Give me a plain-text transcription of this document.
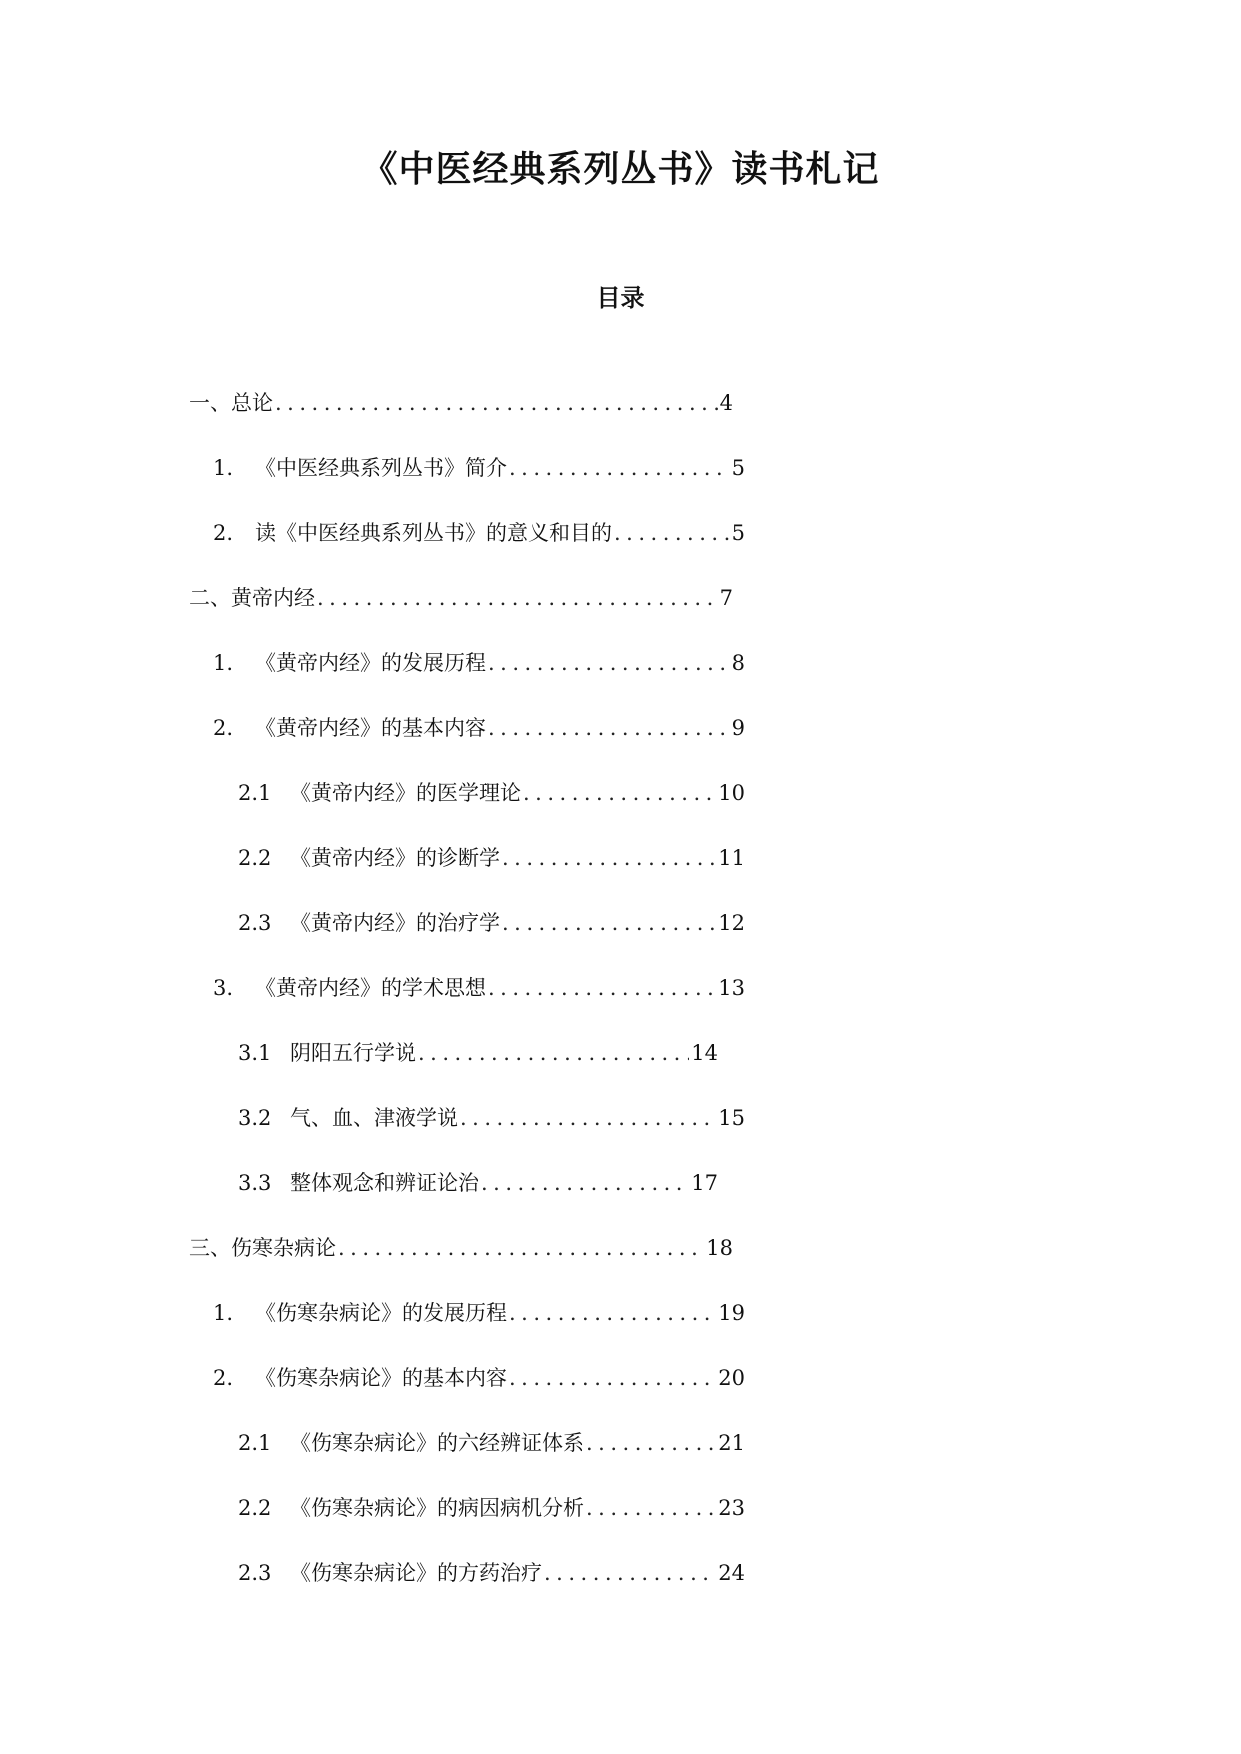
《中医经典系列丛书》读书札记
目录
一、 总论 .....	4
1.	《中医经典系列丛书》简介 .....	5
2.	读《中医经典系列丛书》的意义和目的 .....	5
二、 黄帝内经 .....	7
1.	《黄帝内经》的发展历程 .....	8
2.	《黄帝内经》的基本内容 .....	9
2.1 《黄帝内经》的医学理论 .....	10
2.2 《黄帝内经》的诊断学 .....	11
2.3 《黄帝内经》的治疗学 .....	12
3.	《黄帝内经》的学术思想 .....	13
3.1 阴阳五行学说 .....	14
3.2 气、血、津液学说 .....	15
3.3 整体观念和辨证论治 .....	17
三、 伤寒杂病论 .....	18
1.	《伤寒杂病论》的发展历程 .....	19
2.	《伤寒杂病论》的基本内容 .....	20
2.1 《伤寒杂病论》的六经辨证体系 .....	21
2.2 《伤寒杂病论》的病因病机分析 .....	23
2.3 《伤寒杂病论》的方药治疗 .....	24
